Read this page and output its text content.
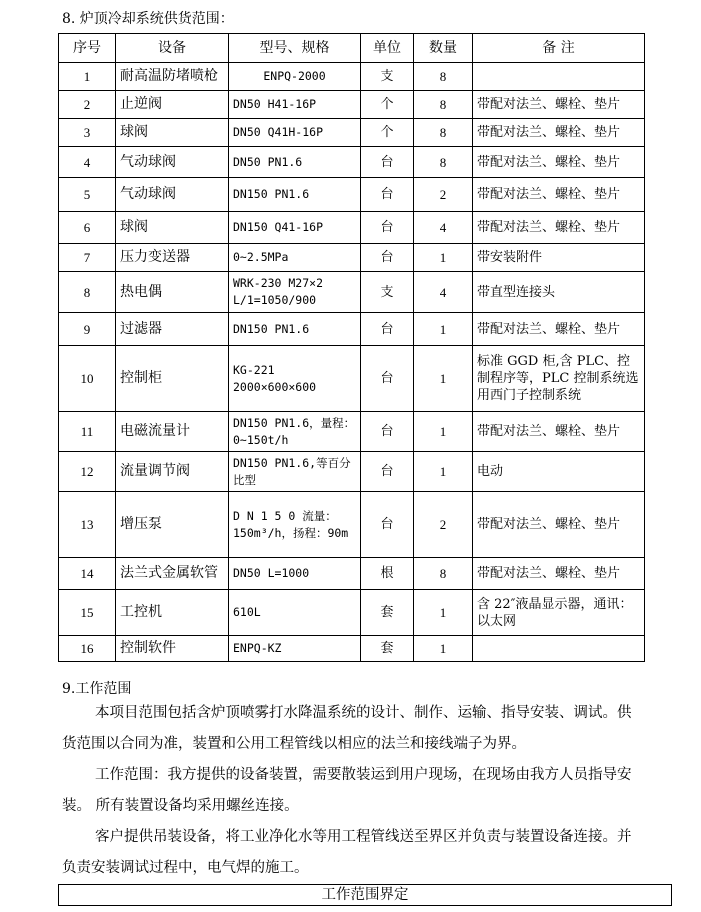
8. 炉顶冷却系统供货范围：
序号	设备	型号、规格	单位	数量	备 注
1	耐高温防堵喷枪	ENPQ-2000	支	8	
2	止逆阀	DN50 H41-16P	个	8	带配对法兰、螺栓、垫片
3	球阀	DN50 Q41H-16P	个	8	带配对法兰、螺栓、垫片
4	气动球阀	DN50 PN1.6	台	8	带配对法兰、螺栓、垫片
5	气动球阀	DN150 PN1.6	台	2	带配对法兰、螺栓、垫片
6	球阀	DN150 Q41-16P	台	4	带配对法兰、螺栓、垫片
7	压力变送器	0~2.5MPa	台	1	带安装附件
8	热电偶	WRK-230 M27×2 L/1=1050/900	支	4	带直型连接头
9	过滤器	DN150 PN1.6	台	1	带配对法兰、螺栓、垫片
10	控制柜	KG-221 2000×600×600	台	1	标准 GGD 柜,含 PLC、控制程序等，PLC 控制系统选用西门子控制系统
11	电磁流量计	DN150 PN1.6，量程：0~150t/h	台	1	带配对法兰、螺栓、垫片
12	流量调节阀	DN150 PN1.6,等百分比型	台	1	电动
13	增压泵	D N 1 5 0 流量：150m³/h，扬程：90m	台	2	带配对法兰、螺栓、垫片
14	法兰式金属软管	DN50 L=1000	根	8	带配对法兰、螺栓、垫片
15	工控机	610L	套	1	含 22″液晶显示器，通讯：以太网
16	控制软件	ENPQ-KZ	套	1	
9.工作范围
本项目范围包括含炉顶喷雾打水降温系统的设计、制作、运输、指导安装、调试。供货范围以合同为准，装置和公用工程管线以相应的法兰和接线端子为界。
工作范围：我方提供的设备装置，需要散装运到用户现场，在现场由我方人员指导安装。 所有装置设备均采用螺丝连接。
客户提供吊装设备，将工业净化水等用工程管线送至界区并负责与装置设备连接。并负责安装调试过程中，电气焊的施工。
工作范围界定
